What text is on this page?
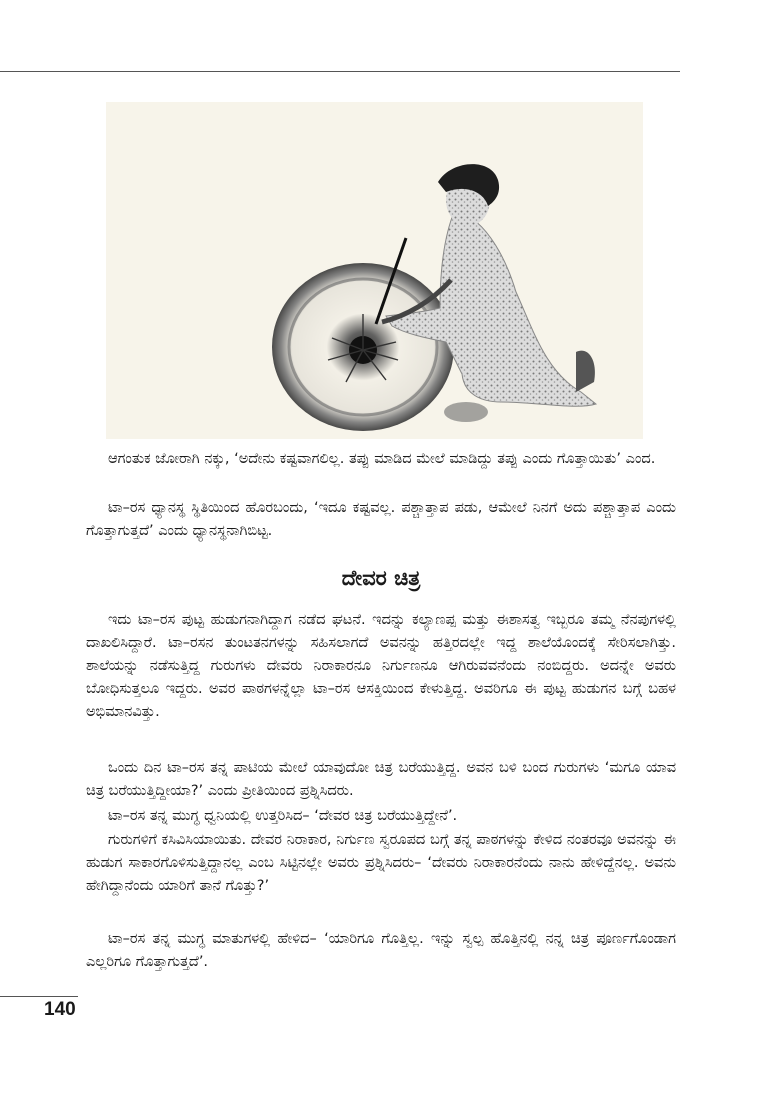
ಆಗಂತುಕ ಜೋರಾಗಿ ನಕ್ಕು, ‘ಅದೇನು ಕಷ್ಟವಾಗಲಿಲ್ಲ. ತಪ್ಪು ಮಾಡಿದ ಮೇಲೆ ಮಾಡಿದ್ದು ತಪ್ಪು ಎಂದು ಗೊತ್ತಾಯಿತು’ ಎಂದ.

ಟಾ–ರಸ ಧ್ಯಾನಸ್ಥ ಸ್ಥಿತಿಯಿಂದ ಹೊರಬಂದು, ‘ಇದೂ ಕಷ್ಟವಲ್ಲ. ಪಶ್ಚಾತ್ತಾಪ ಪಡು, ಆಮೇಲೆ ನಿನಗೆ ಅದು ಪಶ್ಚಾತ್ತಾಪ ಎಂದು ಗೊತ್ತಾಗುತ್ತದೆ’ ಎಂದು ಧ್ಯಾನಸ್ಥನಾಗಿಬಿಟ್ಟ.

ದೇವರ ಚಿತ್ರ

ಇದು ಟಾ–ರಸ ಪುಟ್ಟ ಹುಡುಗನಾಗಿದ್ದಾಗ ನಡೆದ ಘಟನೆ. ಇದನ್ನು ಕಲ್ಯಾಣಪ್ಪ ಮತ್ತು ಈಶಾಸತ್ವ ಇಬ್ಬರೂ ತಮ್ಮ ನೆನಪುಗಳಲ್ಲಿ ದಾಖಲಿಸಿದ್ದಾರೆ. ಟಾ–ರಸನ ತುಂಟತನಗಳನ್ನು ಸಹಿಸಲಾಗದೆ ಅವನನ್ನು ಹತ್ತಿರದಲ್ಲೇ ಇದ್ದ ಶಾಲೆಯೊಂದಕ್ಕೆ ಸೇರಿಸಲಾಗಿತ್ತು. ಶಾಲೆಯನ್ನು ನಡೆಸುತ್ತಿದ್ದ ಗುರುಗಳು ದೇವರು ನಿರಾಕಾರನೂ ನಿರ್ಗುಣನೂ ಆಗಿರುವವನೆಂದು ನಂಬಿದ್ದರು. ಅದನ್ನೇ ಅವರು ಬೋಧಿಸುತ್ತಲೂ ಇದ್ದರು. ಅವರ ಪಾಠಗಳನ್ನೆಲ್ಲಾ ಟಾ–ರಸ ಆಸಕ್ತಿಯಿಂದ ಕೇಳುತ್ತಿದ್ದ. ಅವರಿಗೂ ಈ ಪುಟ್ಟ ಹುಡುಗನ ಬಗ್ಗೆ ಬಹಳ ಅಭಿಮಾನವಿತ್ತು.

ಒಂದು ದಿನ ಟಾ–ರಸ ತನ್ನ ಪಾಟಿಯ ಮೇಲೆ ಯಾವುದೋ ಚಿತ್ರ ಬರೆಯುತ್ತಿದ್ದ. ಅವನ ಬಳಿ ಬಂದ ಗುರುಗಳು ‘ಮಗೂ ಯಾವ ಚಿತ್ರ ಬರೆಯುತ್ತಿದ್ದೀಯಾ?’ ಎಂದು ಪ್ರೀತಿಯಿಂದ ಪ್ರಶ್ನಿಸಿದರು.

ಟಾ–ರಸ ತನ್ನ ಮುಗ್ಧ ಧ್ವನಿಯಲ್ಲಿ ಉತ್ತರಿಸಿದ– ‘ದೇವರ ಚಿತ್ರ ಬರೆಯುತ್ತಿದ್ದೇನೆ’.

ಗುರುಗಳಿಗೆ ಕಸಿವಿಸಿಯಾಯಿತು. ದೇವರ ನಿರಾಕಾರ, ನಿರ್ಗುಣ ಸ್ವರೂಪದ ಬಗ್ಗೆ ತನ್ನ ಪಾಠಗಳನ್ನು ಕೇಳಿದ ನಂತರವೂ ಅವನನ್ನು ಈ ಹುಡುಗ ಸಾಕಾರಗೊಳಿಸುತ್ತಿದ್ದಾನಲ್ಲ ಎಂಬ ಸಿಟ್ಟಿನಲ್ಲೇ ಅವರು ಪ್ರಶ್ನಿಸಿದರು– ‘ದೇವರು ನಿರಾಕಾರನೆಂದು ನಾನು ಹೇಳಿದ್ದೆನಲ್ಲ. ಅವನು ಹೇಗಿದ್ದಾನೆಂದು ಯಾರಿಗೆ ತಾನೆ ಗೊತ್ತು?’

ಟಾ–ರಸ ತನ್ನ ಮುಗ್ಧ ಮಾತುಗಳಲ್ಲಿ ಹೇಳಿದ– ‘ಯಾರಿಗೂ ಗೊತ್ತಿಲ್ಲ. ಇನ್ನು ಸ್ವಲ್ಪ ಹೊತ್ತಿನಲ್ಲಿ ನನ್ನ ಚಿತ್ರ ಪೂರ್ಣಗೊಂಡಾಗ ಎಲ್ಲರಿಗೂ ಗೊತ್ತಾಗುತ್ತದೆ’.

140
